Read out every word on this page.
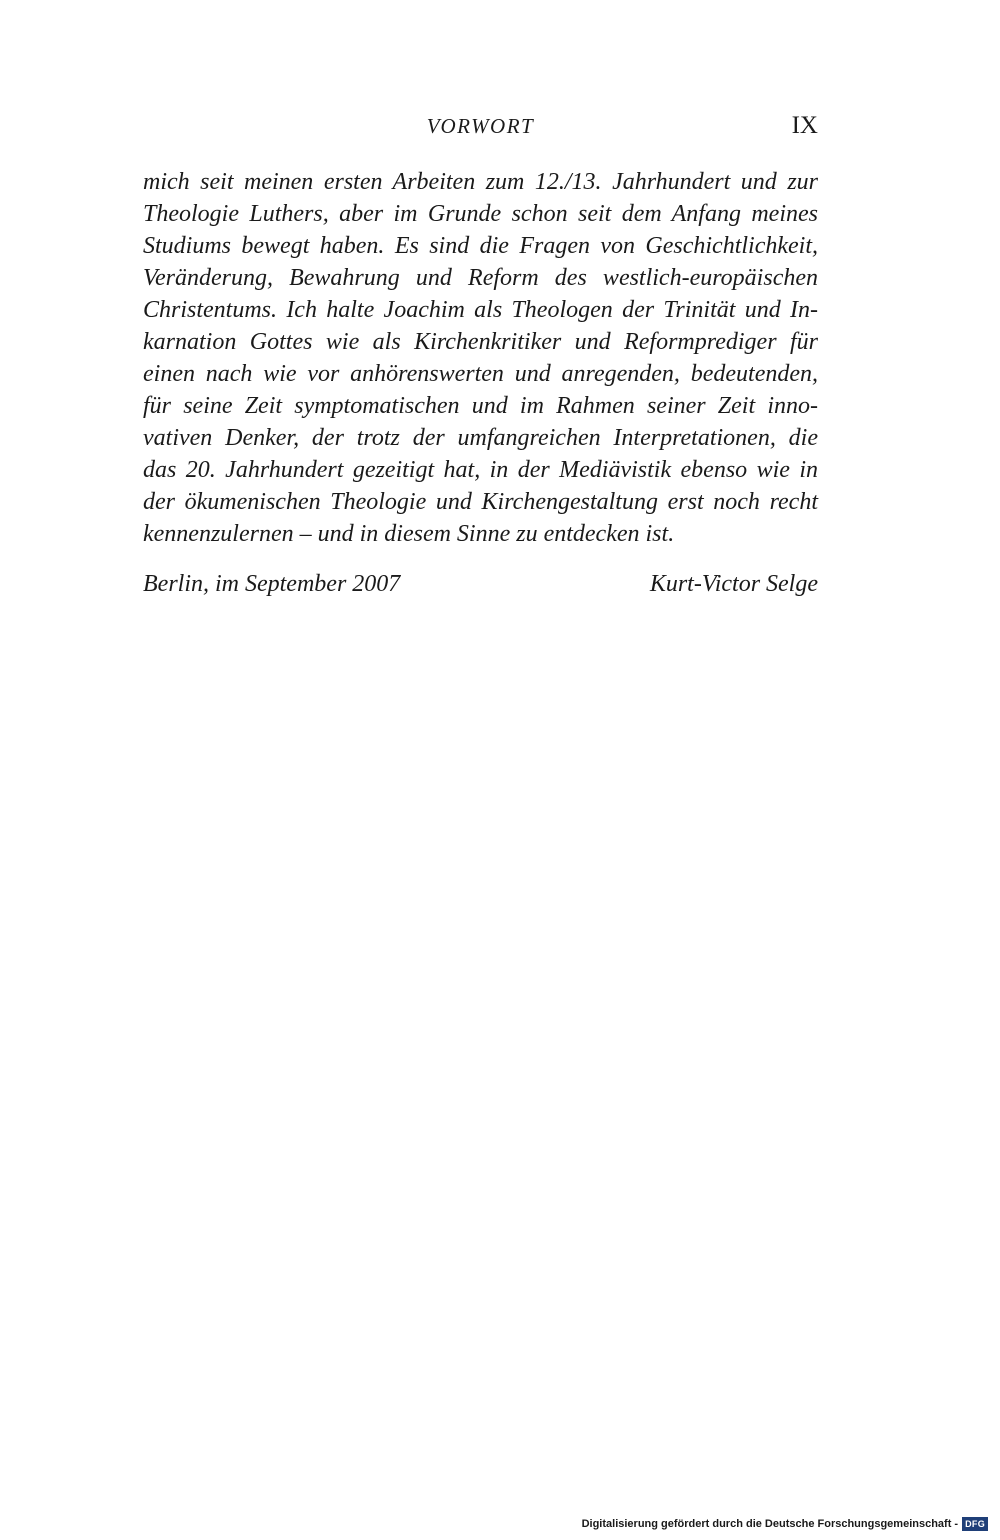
VORWORT	IX
mich seit meinen ersten Arbeiten zum 12./13. Jahrhundert und zur
Theologie Luthers, aber im Grunde schon seit dem Anfang meines
Studiums bewegt haben. Es sind die Fragen von Geschichtlichkeit,
Veränderung, Bewahrung und Reform des westlich-europäischen
Christentums. Ich halte Joachim als Theologen der Trinität und In-
karnation Gottes wie als Kirchenkritiker und Reformprediger für
einen nach wie vor anhörenswerten und anregenden, bedeutenden,
für seine Zeit symptomatischen und im Rahmen seiner Zeit inno-
vativen Denker, der trotz der umfangreichen Interpretationen, die
das 20. Jahrhundert gezeitigt hat, in der Mediävistik ebenso wie in
der ökumenischen Theologie und Kirchengestaltung erst noch recht
kennenzulernen – und in diesem Sinne zu entdecken ist.
Berlin, im September 2007	Kurt-Victor Selge
Digitalisierung gefördert durch die Deutsche Forschungsgemeinschaft - DFG
